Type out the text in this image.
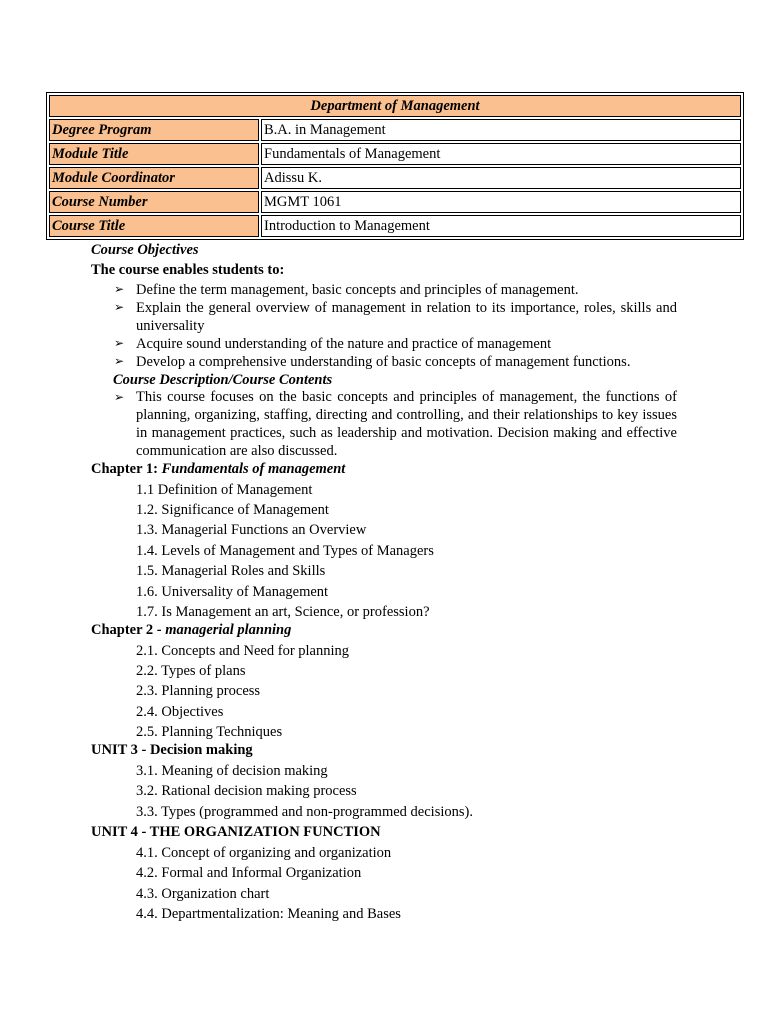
Department of Management	
Degree Program	B.A. in Management
Module Title	Fundamentals of Management
Module Coordinator	Adissu K.
Course Number	MGMT 1061
Course Title	Introduction to Management
Course Objectives
The course enables students to:
➢ Define the term management, basic concepts and principles of management.
➢ Explain the general overview of management in relation to its importance, roles, skills and universality
➢ Acquire sound understanding of the nature and practice of management
➢ Develop a comprehensive understanding of basic concepts of management functions.
Course Description/Course Contents
➢ This course focuses on the basic concepts and principles of management, the functions of planning, organizing, staffing, directing and controlling, and their relationships to key issues in management practices, such as leadership and motivation. Decision making and effective communication are also discussed.
Chapter 1: Fundamentals of management
1.1 Definition of Management
1.2. Significance of Management
1.3. Managerial Functions an Overview
1.4. Levels of Management and Types of Managers
1.5. Managerial Roles and Skills
1.6. Universality of Management
1.7. Is Management an art, Science, or profession?
Chapter 2 - managerial planning
2.1. Concepts and Need for planning
2.2. Types of plans
2.3. Planning process
2.4. Objectives
2.5. Planning Techniques
UNIT 3 - Decision making
3.1. Meaning of decision making
3.2. Rational decision making process
3.3. Types (programmed and non-programmed decisions).
UNIT 4 - THE ORGANIZATION FUNCTION
4.1. Concept of organizing and organization
4.2. Formal and Informal Organization
4.3. Organization chart
4.4. Departmentalization: Meaning and Bases
